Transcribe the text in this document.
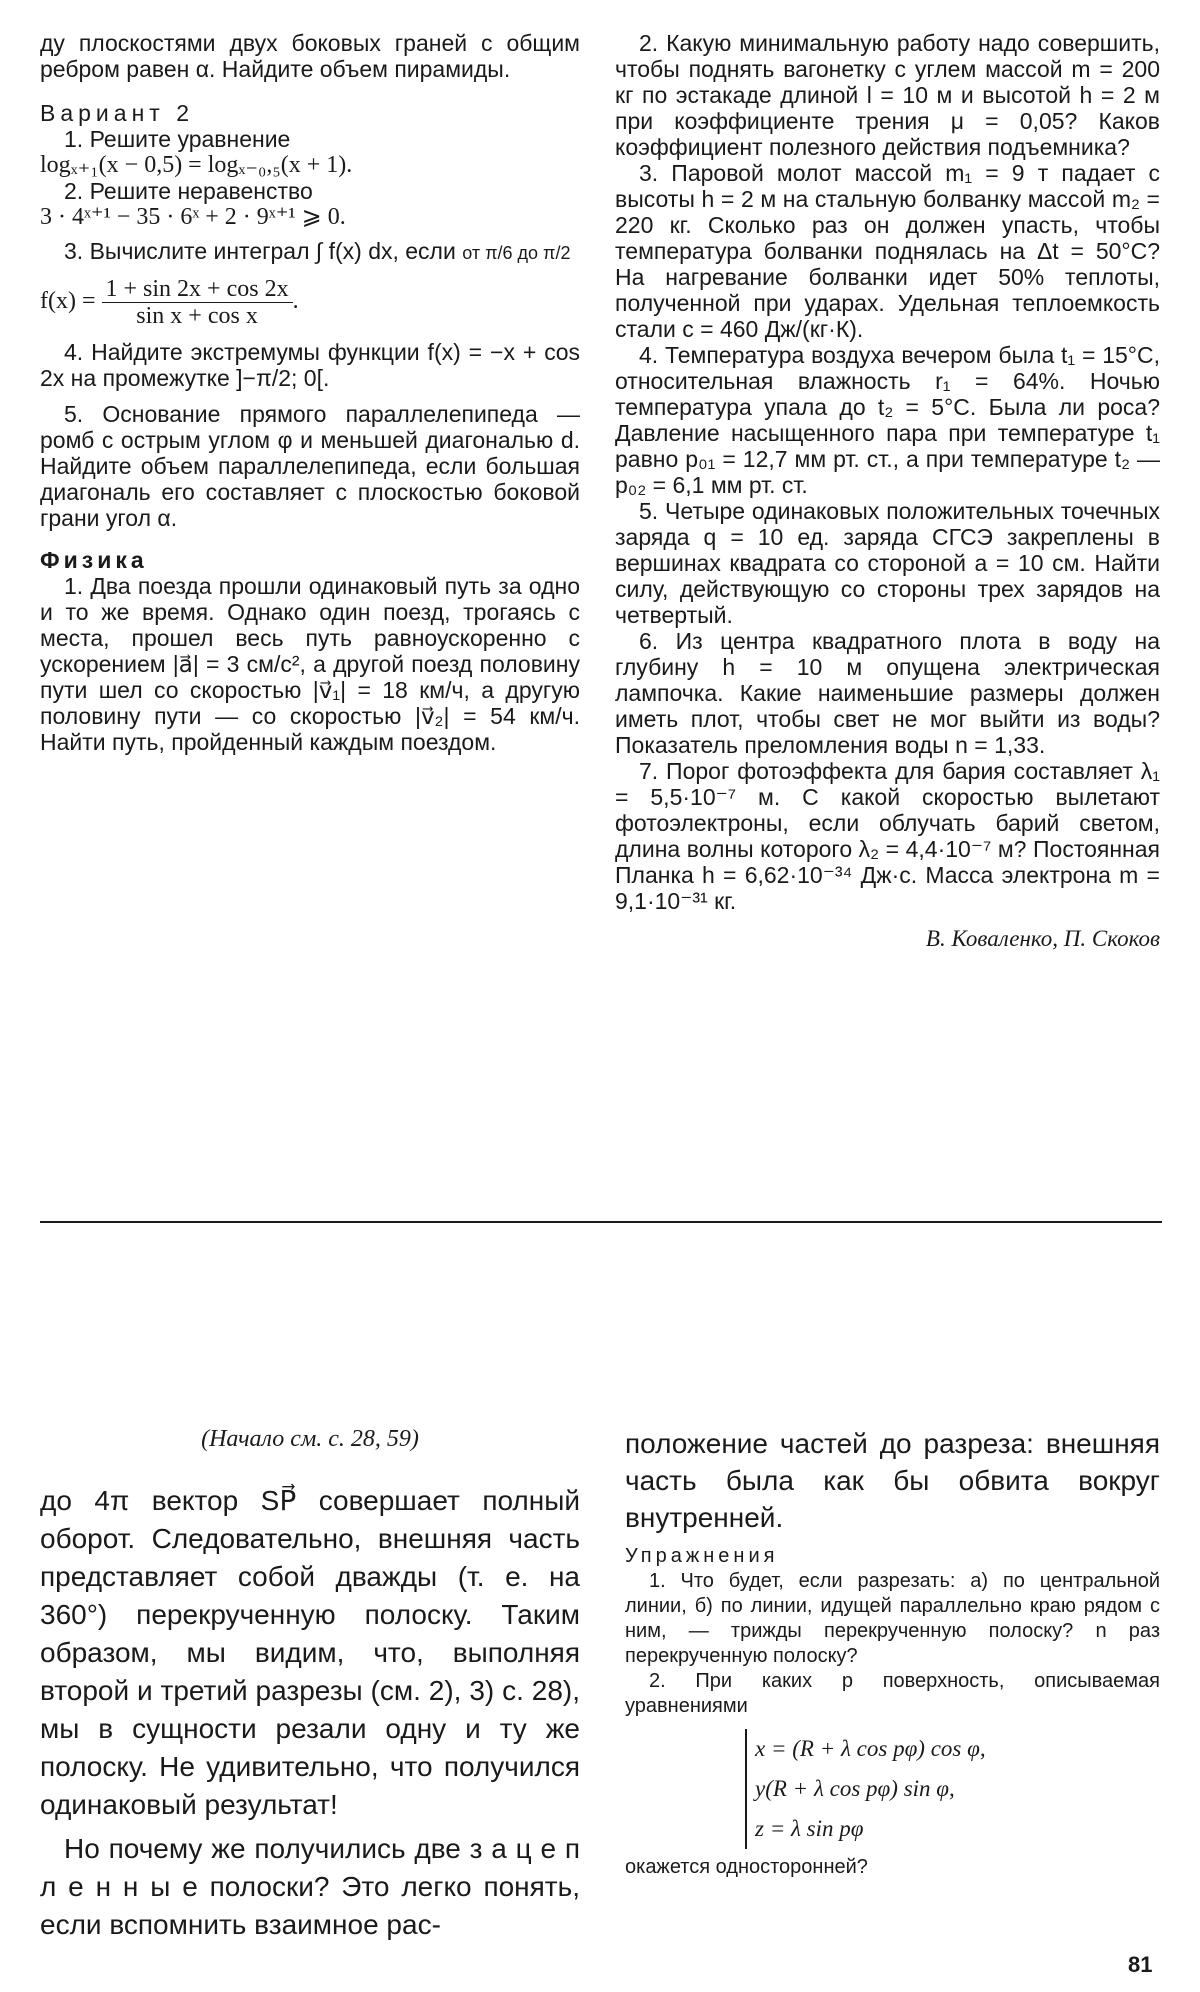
ду плоскостями двух боковых граней с общим ребром равен α. Найдите объем пирамиды.

Вариант 2

1. Решите уравнение

logₓ₊₁(x − 0,5) = logₓ₋₀,₅(x + 1).

2. Решите неравенство

3 · 4ˣ⁺¹ − 35 · 6ˣ + 2 · 9ˣ⁺¹ ⩾ 0.

3. Вычислите интеграл ∫ f(x) dx, если от π/6 до π/2

$f(x) = \frac{1 + \sin 2x + \cos 2x}{\text{sin x + cos x}}$ .

4. Найдите экстремумы функции f(x) = −x + cos 2x на промежутке ]−π/2; 0[.

5. Основание прямого параллелепипеда — ромб с острым углом φ и меньшей диагональю d. Найдите объем параллелепипеда, если большая диагональ его составляет с плоскостью боковой грани угол α.

Физика

1. Два поезда прошли одинаковый путь за одно и то же время. Однако один поезд, трогаясь с места, прошел весь путь равноускоренно с ускорением |a⃗| = 3 см/с², а другой поезд половину пути шел со скоростью |v⃗₁| = 18 км/ч, а другую половину пути — со скоростью |v⃗₂| = 54 км/ч. Найти путь, пройденный каждым поездом.

2. Какую минимальную работу надо совершить, чтобы поднять вагонетку с углем массой m = 200 кг по эстакаде длиной l = 10 м и высотой h = 2 м при коэффициенте трения μ = 0,05? Каков коэффициент полезного действия подъемника?

3. Паровой молот массой m₁ = 9 т падает с высоты h = 2 м на стальную болванку массой m₂ = 220 кг. Сколько раз он должен упасть, чтобы температура болванки поднялась на Δt = 50°С? На нагревание болванки идет 50% теплоты, полученной при ударах. Удельная теплоемкость стали c = 460 Дж/(кг·К).

4. Температура воздуха вечером была t₁ = 15°С, относительная влажность r₁ = 64%. Ночью температура упала до t₂ = 5°С. Была ли роса? Давление насыщенного пара при температуре t₁ равно p₀₁ = 12,7 мм рт. ст., а при температуре t₂ — p₀₂ = 6,1 мм рт. ст.

5. Четыре одинаковых положительных точечных заряда q = 10 ед. заряда СГСЭ закреплены в вершинах квадрата со стороной a = 10 см. Найти силу, действующую со стороны трех зарядов на четвертый.

6. Из центра квадратного плота в воду на глубину h = 10 м опущена электрическая лампочка. Какие наименьшие размеры должен иметь плот, чтобы свет не мог выйти из воды? Показатель преломления воды n = 1,33.

7. Порог фотоэффекта для бария составляет λ₁ = 5,5·10⁻⁷ м. С какой скоростью вылетают фотоэлектроны, если облучать барий светом, длина волны которого λ₂ = 4,4·10⁻⁷ м? Постоянная Планка h = 6,62·10⁻³⁴ Дж·с. Масса электрона m = 9,1·10⁻³¹ кг.

В. Коваленко, П. Скоков

(Начало см. с. 28, 59)

до 4π вектор SP⃗ совершает полный оборот. Следовательно, внешняя часть представляет собой дважды (т. е. на 360°) перекрученную полоску. Таким образом, мы видим, что, выполняя второй и третий разрезы (см. 2), 3) с. 28), мы в сущности резали одну и ту же полоску. Не удивительно, что получился одинаковый результат!

Но почему же получились две з а ц е п л е н н ы е полоски? Это легко понять, если вспомнить взаимное рас-

положение частей до разреза: внешняя часть была как бы обвита вокруг внутренней.

Упражнения

1. Что будет, если разрезать: а) по центральной линии, б) по линии, идущей параллельно краю рядом с ним, — трижды перекрученную полоску? n раз перекрученную полоску?

2. При каких p поверхность, описываемая уравнениями

x = (R + λ cos pφ) cos φ,
y(R + λ cos pφ) sin φ,
z = λ sin pφ

окажется односторонней?

81
